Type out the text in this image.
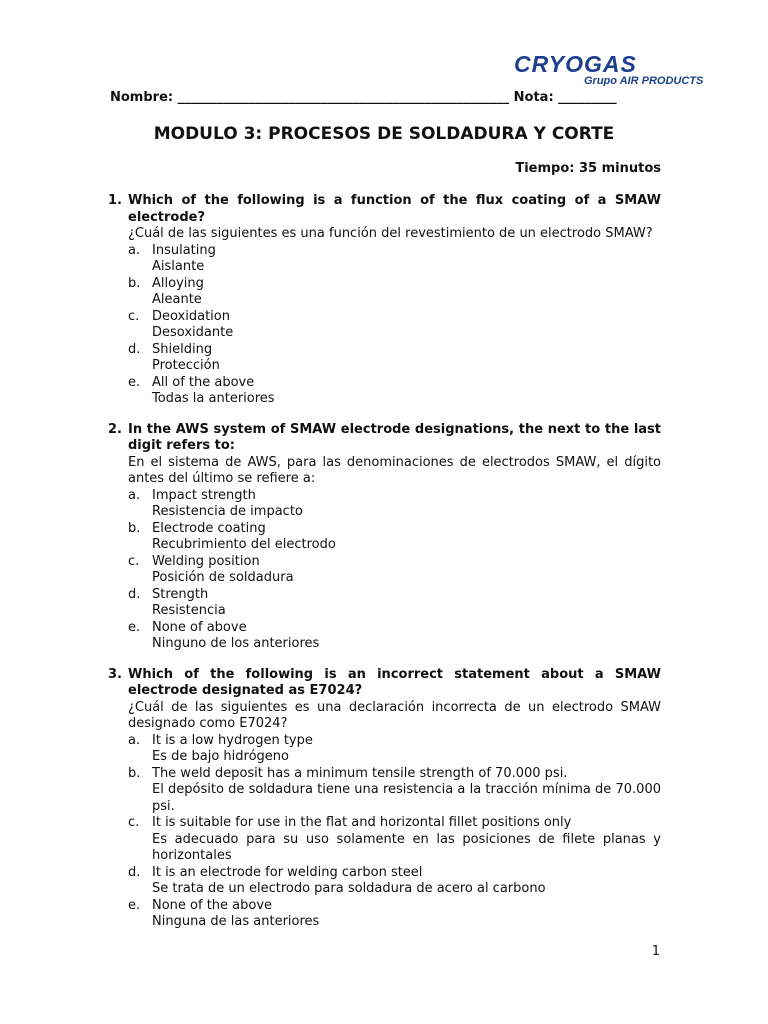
CRYOGAS
Grupo AIR PRODUCTS
Nombre: ___________________________________________________ Nota: _________
MODULO 3: PROCESOS DE SOLDADURA Y CORTE
Tiempo: 35 minutos
1. Which of the following is a function of the flux coating of a SMAW electrode?
¿Cuál de las siguientes es una función del revestimiento de un electrodo SMAW?
a. Insulating
Aislante
b. Alloying
Aleante
c. Deoxidation
Desoxidante
d. Shielding
Protección
e. All of the above
Todas la anteriores
2. In the AWS system of SMAW electrode designations, the next to the last digit refers to:
En el sistema de AWS, para las denominaciones de electrodos SMAW, el dígito antes del último se refiere a:
a. Impact strength
Resistencia de impacto
b. Electrode coating
Recubrimiento del electrodo
c. Welding position
Posición de soldadura
d. Strength
Resistencia
e. None of above
Ninguno de los anteriores
3. Which of the following is an incorrect statement about a SMAW electrode designated as E7024?
¿Cuál de las siguientes es una declaración incorrecta de un electrodo SMAW designado como E7024?
a. It is a low hydrogen type
Es de bajo hidrógeno
b. The weld deposit has a minimum tensile strength of 70.000 psi.
El depósito de soldadura tiene una resistencia a la tracción mínima de 70.000 psi.
c. It is suitable for use in the flat and horizontal fillet positions only
Es adecuado para su uso solamente en las posiciones de filete planas y horizontales
d. It is an electrode for welding carbon steel
Se trata de un electrodo para soldadura de acero al carbono
e. None of the above
Ninguna de las anteriores
1
